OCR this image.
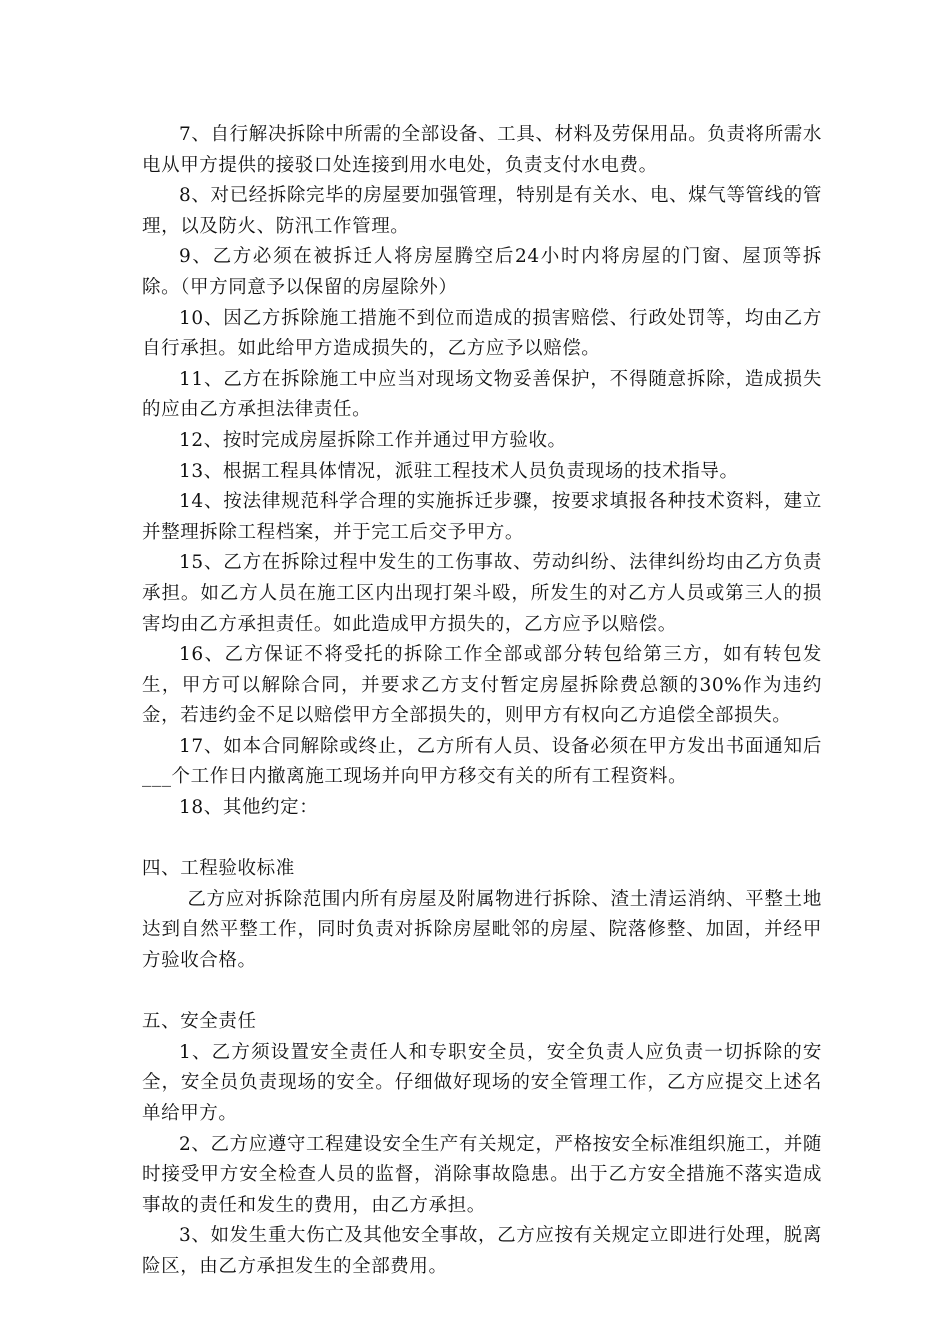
7、自行解决拆除中所需的全部设备、工具、材料及劳保用品。负责将所需水电从甲方提供的接驳口处连接到用水电处，负责支付水电费。

8、对已经拆除完毕的房屋要加强管理，特别是有关水、电、煤气等管线的管理，以及防火、防汛工作管理。

9、乙方必须在被拆迁人将房屋腾空后24小时内将房屋的门窗、屋顶等拆除。（甲方同意予以保留的房屋除外）

10、因乙方拆除施工措施不到位而造成的损害赔偿、行政处罚等，均由乙方自行承担。如此给甲方造成损失的，乙方应予以赔偿。

11、乙方在拆除施工中应当对现场文物妥善保护，不得随意拆除，造成损失的应由乙方承担法律责任。

12、按时完成房屋拆除工作并通过甲方验收。

13、根据工程具体情况，派驻工程技术人员负责现场的技术指导。

14、按法律规范科学合理的实施拆迁步骤，按要求填报各种技术资料，建立并整理拆除工程档案，并于完工后交予甲方。

15、乙方在拆除过程中发生的工伤事故、劳动纠纷、法律纠纷均由乙方负责承担。如乙方人员在施工区内出现打架斗殴，所发生的对乙方人员或第三人的损害均由乙方承担责任。如此造成甲方损失的，乙方应予以赔偿。

16、乙方保证不将受托的拆除工作全部或部分转包给第三方，如有转包发生，甲方可以解除合同，并要求乙方支付暂定房屋拆除费总额的30%作为违约金，若违约金不足以赔偿甲方全部损失的，则甲方有权向乙方追偿全部损失。

17、如本合同解除或终止，乙方所有人员、设备必须在甲方发出书面通知后___个工作日内撤离施工现场并向甲方移交有关的所有工程资料。

18、其他约定：

四、工程验收标准

乙方应对拆除范围内所有房屋及附属物进行拆除、渣土清运消纳、平整土地达到自然平整工作，同时负责对拆除房屋毗邻的房屋、院落修整、加固，并经甲方验收合格。

五、安全责任

1、乙方须设置安全责任人和专职安全员，安全负责人应负责一切拆除的安全，安全员负责现场的安全。仔细做好现场的安全管理工作，乙方应提交上述名单给甲方。

2、乙方应遵守工程建设安全生产有关规定，严格按安全标准组织施工，并随时接受甲方安全检查人员的监督，消除事故隐患。出于乙方安全措施不落实造成事故的责任和发生的费用，由乙方承担。

3、如发生重大伤亡及其他安全事故，乙方应按有关规定立即进行处理，脱离险区，由乙方承担发生的全部费用。
